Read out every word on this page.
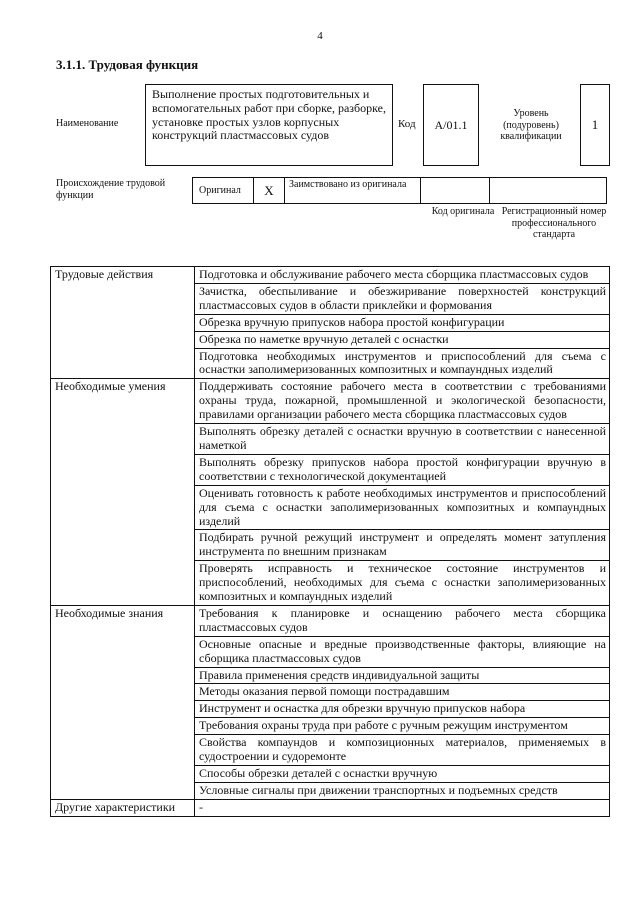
4
3.1.1. Трудовая функция
Наименование
Выполнение простых подготовительных и вспомогательных работ при сборке, разборке, установке простых узлов корпусных конструкций пластмассовых судов
Код	A/01.1
Уровень (подуровень) квалификации
1
Происхождение трудовой функции	Оригинал	X	Заимствовано из оригинала
Код оригинала Регистрационный номер профессионального стандарта
Трудовые действия	Подготовка и обслуживание рабочего места сборщика пластмассовых судов
	Зачистка, обеспыливание и обезжиривание поверхностей конструкций пластмассовых судов в области приклейки и формования
	Обрезка вручную припусков набора простой конфигурации
	Обрезка по наметке вручную деталей с оснастки
	Подготовка необходимых инструментов и приспособлений для съема с оснастки заполимеризованных композитных и компаундных изделий
Необходимые умения	Поддерживать состояние рабочего места в соответствии с требованиями охраны труда, пожарной, промышленной и экологической безопасности, правилами организации рабочего места сборщика пластмассовых судов
	Выполнять обрезку деталей с оснастки вручную в соответствии с нанесенной наметкой
	Выполнять обрезку припусков набора простой конфигурации вручную в соответствии с технологической документацией
	Оценивать готовность к работе необходимых инструментов и приспособлений для съема с оснастки заполимеризованных композитных и компаундных изделий
	Подбирать ручной режущий инструмент и определять момент затупления инструмента по внешним признакам
	Проверять исправность и техническое состояние инструментов и приспособлений, необходимых для съема с оснастки заполимеризованных композитных и компаундных изделий
Необходимые знания	Требования к планировке и оснащению рабочего места сборщика пластмассовых судов
	Основные опасные и вредные производственные факторы, влияющие на сборщика пластмассовых судов
	Правила применения средств индивидуальной защиты
	Методы оказания первой помощи пострадавшим
	Инструмент и оснастка для обрезки вручную припусков набора
	Требования охраны труда при работе с ручным режущим инструментом
	Свойства компаундов и композиционных материалов, применяемых в судостроении и судоремонте
	Способы обрезки деталей с оснастки вручную
	Условные сигналы при движении транспортных и подъемных средств
Другие характеристики	-
